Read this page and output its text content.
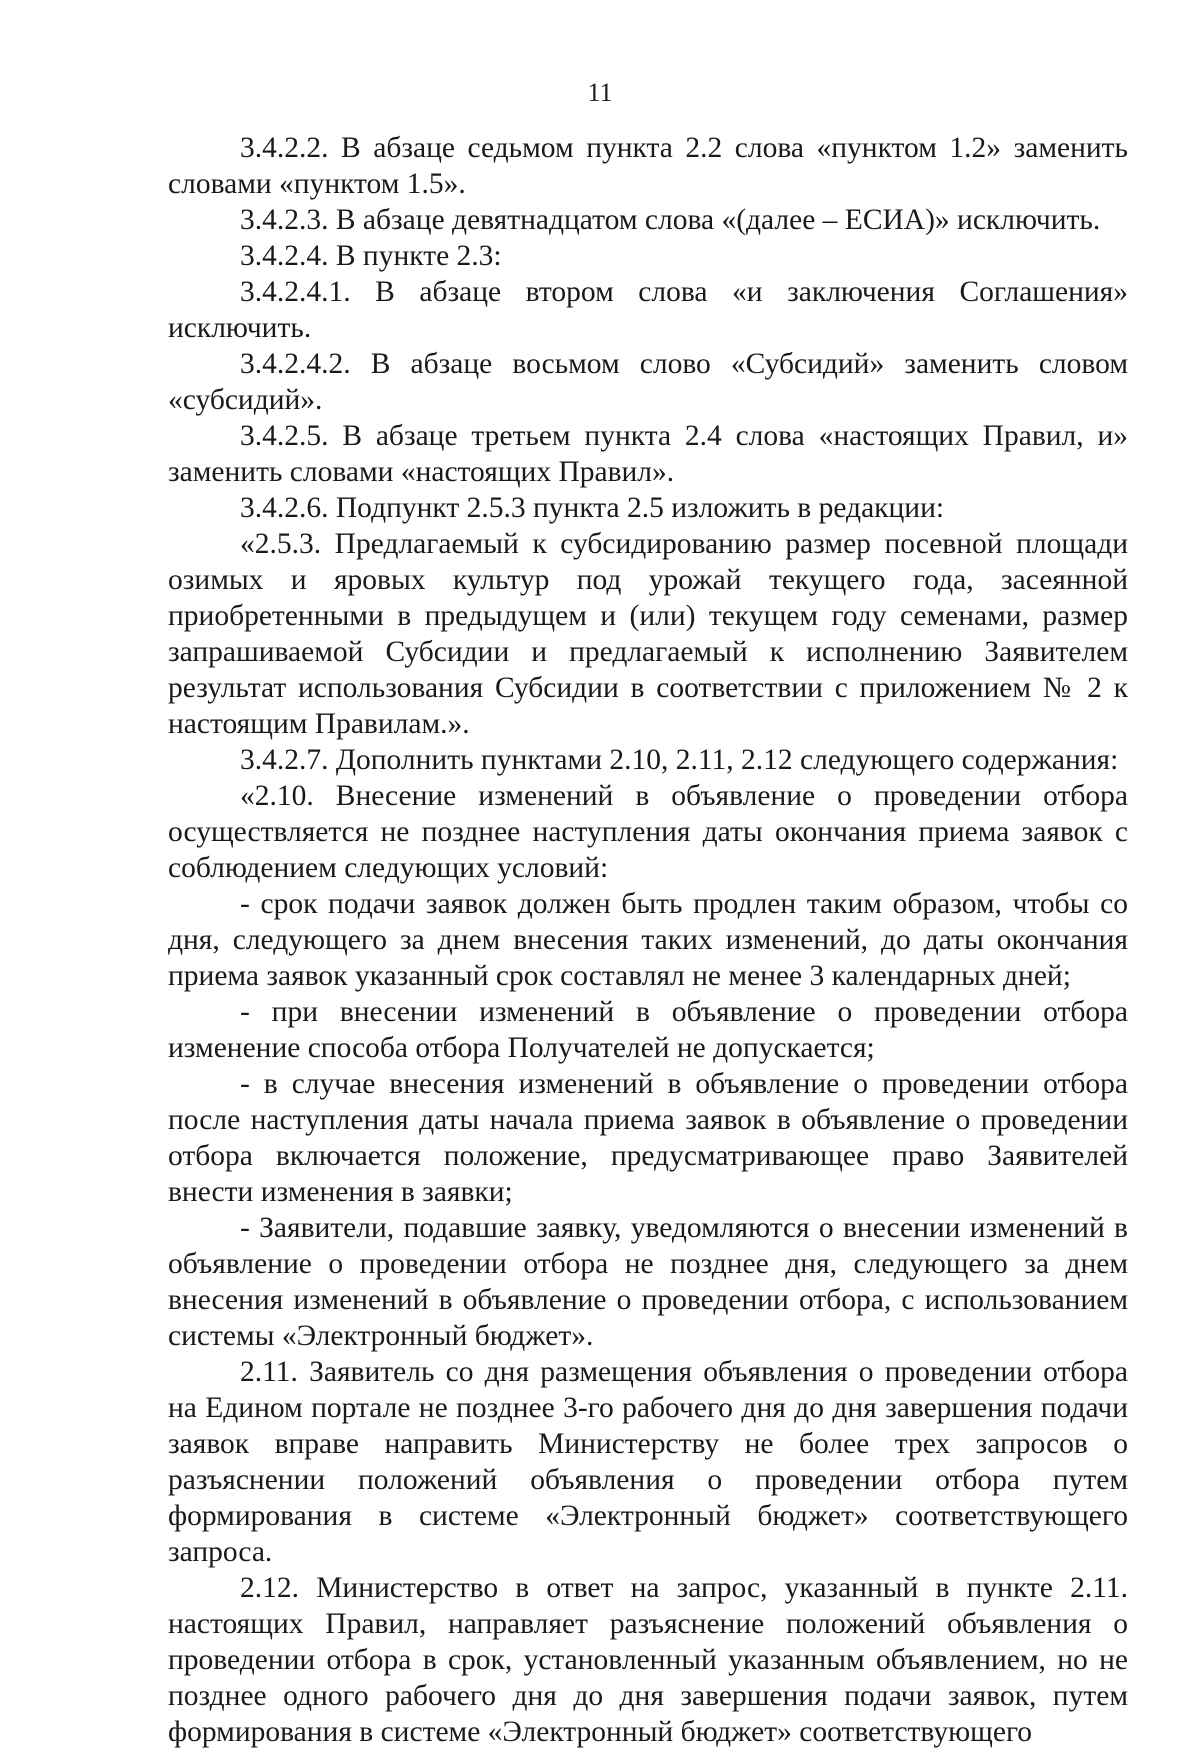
11

3.4.2.2. В абзаце седьмом пункта 2.2 слова «пунктом 1.2» заменить словами «пунктом 1.5».

3.4.2.3. В абзаце девятнадцатом слова «(далее – ЕСИА)» исключить.

3.4.2.4. В пункте 2.3:

3.4.2.4.1. В абзаце втором слова «и заключения Соглашения» исключить.

3.4.2.4.2. В абзаце восьмом слово «Субсидий» заменить словом «субсидий».

3.4.2.5. В абзаце третьем пункта 2.4 слова «настоящих Правил, и» заменить словами «настоящих Правил».

3.4.2.6. Подпункт 2.5.3 пункта 2.5 изложить в редакции:

«2.5.3. Предлагаемый к субсидированию размер посевной площади озимых и яровых культур под урожай текущего года, засеянной приобретенными в предыдущем и (или) текущем году семенами, размер запрашиваемой Субсидии и предлагаемый к исполнению Заявителем результат использования Субсидии в соответствии с приложением № 2 к настоящим Правилам.».

3.4.2.7. Дополнить пунктами 2.10, 2.11, 2.12 следующего содержания:

«2.10. Внесение изменений в объявление о проведении отбора осуществляется не позднее наступления даты окончания приема заявок с соблюдением следующих условий:

- срок подачи заявок должен быть продлен таким образом, чтобы со дня, следующего за днем внесения таких изменений, до даты окончания приема заявок указанный срок составлял не менее 3 календарных дней;

- при внесении изменений в объявление о проведении отбора изменение способа отбора Получателей не допускается;

- в случае внесения изменений в объявление о проведении отбора после наступления даты начала приема заявок в объявление о проведении отбора включается положение, предусматривающее право Заявителей внести изменения в заявки;

- Заявители, подавшие заявку, уведомляются о внесении изменений в объявление о проведении отбора не позднее дня, следующего за днем внесения изменений в объявление о проведении отбора, с использованием системы «Электронный бюджет».

2.11. Заявитель со дня размещения объявления о проведении отбора на Едином портале не позднее 3-го рабочего дня до дня завершения подачи заявок вправе направить Министерству не более трех запросов о разъяснении положений объявления о проведении отбора путем формирования в системе «Электронный бюджет» соответствующего запроса.

2.12. Министерство в ответ на запрос, указанный в пункте 2.11. настоящих Правил, направляет разъяснение положений объявления о проведении отбора в срок, установленный указанным объявлением, но не позднее одного рабочего дня до дня завершения подачи заявок, путем формирования в системе «Электронный бюджет» соответствующего
